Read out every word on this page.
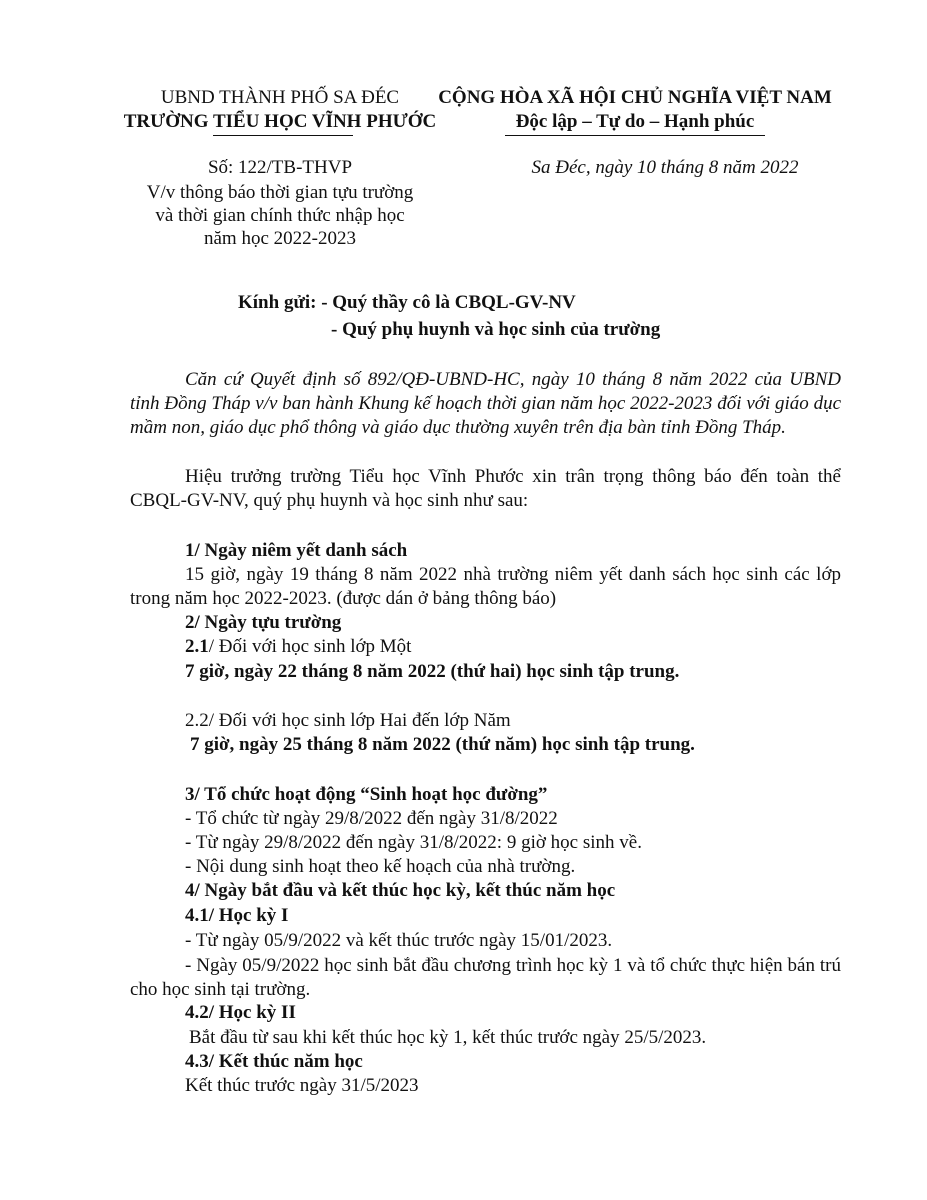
UBND THÀNH PHỐ SA ĐÉC
TRƯỜNG TIỂU HỌC VĨNH PHƯỚC
CỘNG HÒA XÃ HỘI CHỦ NGHĨA VIỆT NAM
Độc lập – Tự do – Hạnh phúc
Số: 122/TB-THVP	Sa Đéc, ngày 10 tháng 8 năm 2022
V/v thông báo thời gian tựu trường
và thời gian chính thức nhập học
năm học 2022-2023
Kính gửi: - Quý thầy cô là CBQL-GV-NV
- Quý phụ huynh và học sinh của trường
Căn cứ Quyết định số 892/QĐ-UBND-HC, ngày 10 tháng 8 năm 2022 của UBND tỉnh Đồng Tháp v/v ban hành Khung kế hoạch thời gian năm học 2022-2023 đối với giáo dục mầm non, giáo dục phổ thông và giáo dục thường xuyên trên địa bàn tỉnh Đồng Tháp.
Hiệu trưởng trường Tiểu học Vĩnh Phước xin trân trọng thông báo đến toàn thể CBQL-GV-NV, quý phụ huynh và học sinh như sau:
1/ Ngày niêm yết danh sách
15 giờ, ngày 19 tháng 8 năm 2022 nhà trường niêm yết danh sách học sinh các lớp trong năm học 2022-2023. (được dán ở bảng thông báo)
2/ Ngày tựu trường
2.1/ Đối với học sinh lớp Một
7 giờ, ngày 22 tháng 8 năm 2022 (thứ hai) học sinh tập trung.
2.2/ Đối với học sinh lớp Hai đến lớp Năm
7 giờ, ngày 25 tháng 8 năm 2022 (thứ năm) học sinh tập trung.
3/ Tổ chức hoạt động “Sinh hoạt học đường”
- Tổ chức từ ngày 29/8/2022 đến ngày 31/8/2022
- Từ ngày 29/8/2022 đến ngày 31/8/2022: 9 giờ học sinh về.
- Nội dung sinh hoạt theo kế hoạch của nhà trường.
4/ Ngày bắt đầu và kết thúc học kỳ, kết thúc năm học
4.1/ Học kỳ I
- Từ ngày 05/9/2022 và kết thúc trước ngày 15/01/2023.
- Ngày 05/9/2022 học sinh bắt đầu chương trình học kỳ 1 và tổ chức thực hiện bán trú cho học sinh tại trường.
4.2/ Học kỳ II
Bắt đầu từ sau khi kết thúc học kỳ 1, kết thúc trước ngày 25/5/2023.
4.3/ Kết thúc năm học
Kết thúc trước ngày 31/5/2023
